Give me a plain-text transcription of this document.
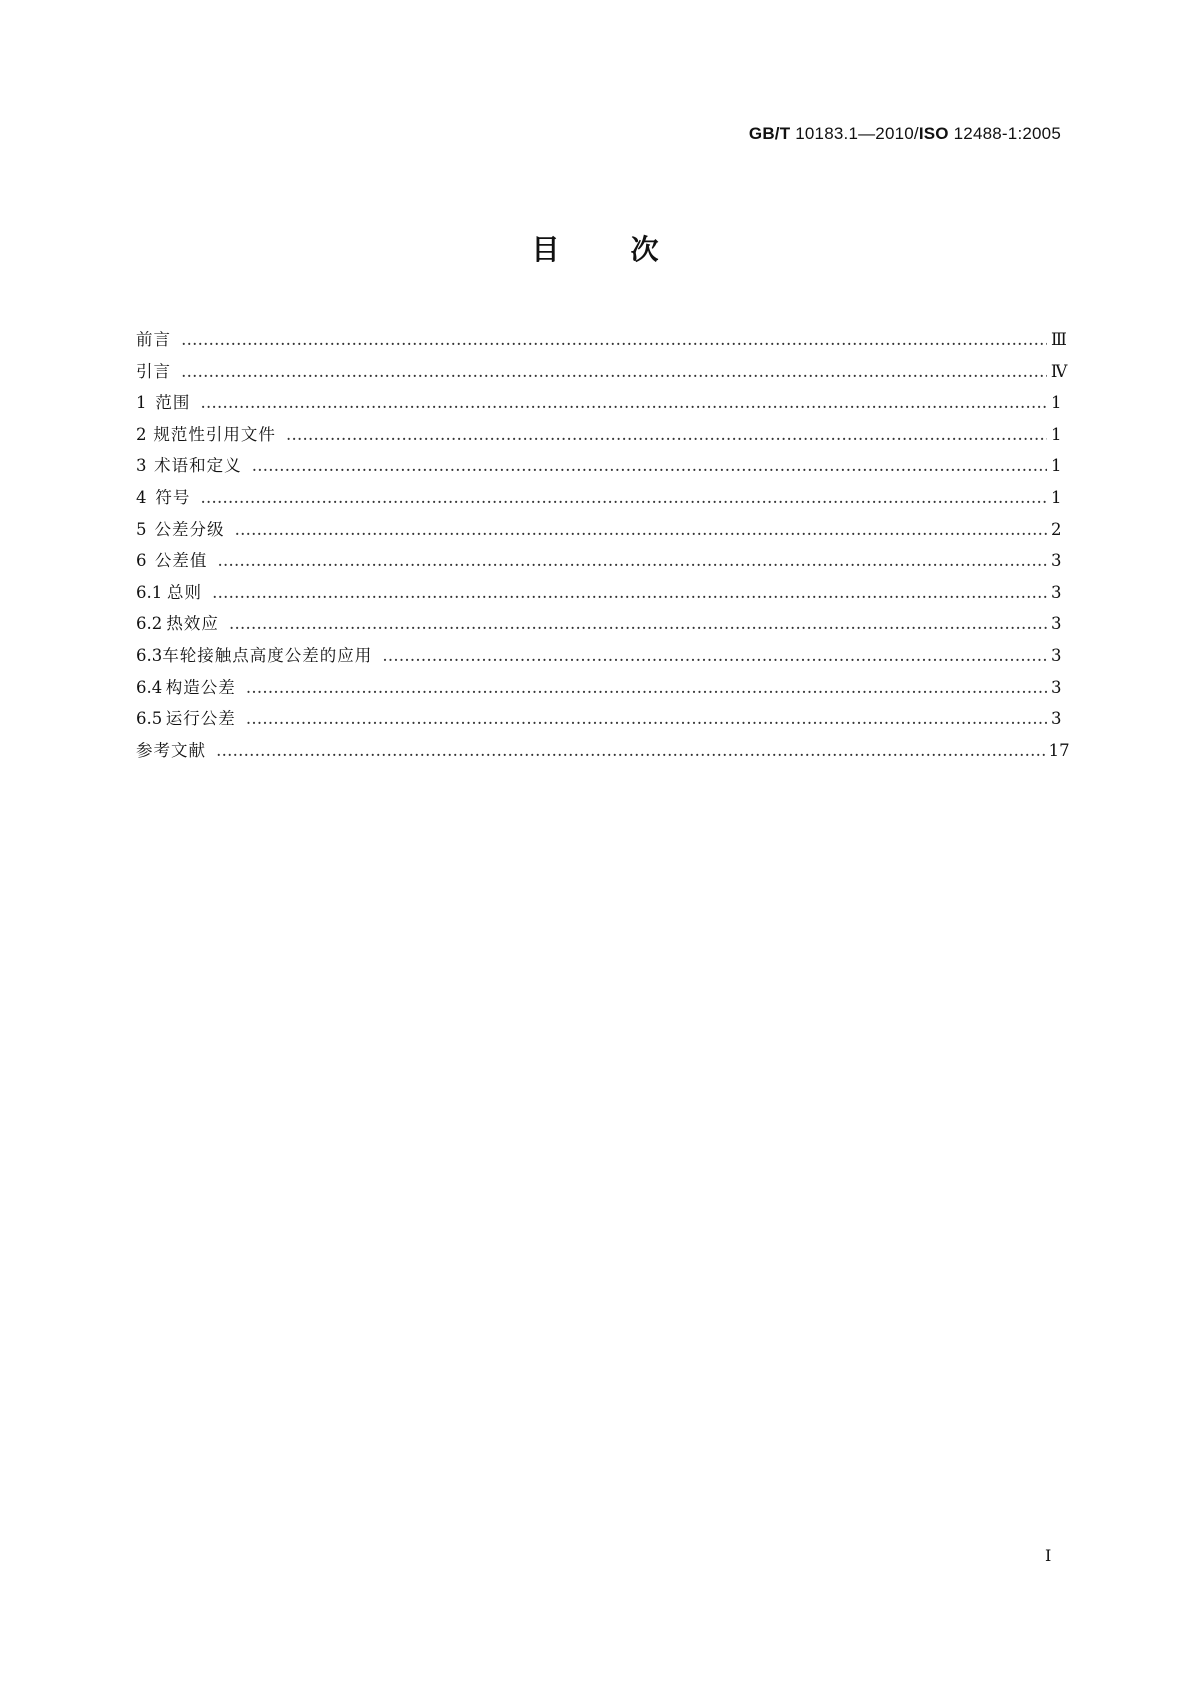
GB/T 10183.1—2010/ISO 12488-1:2005
目	次
前言 …………………………………………………………………………………………………………………………………………………………………………………………………………………………………	Ⅲ
引言 …………………………………………………………………………………………………………………………………………………………………………………………………………………………………	Ⅳ
1 范围 …………………………………………………………………………………………………………………………………………………………………………………………………………………………………	1
2 规范性引用文件 …………………………………………………………………………………………………………………………………………………………………………………………………………………………………	1
3 术语和定义 …………………………………………………………………………………………………………………………………………………………………………………………………………………………………	1
4 符号 …………………………………………………………………………………………………………………………………………………………………………………………………………………………………	1
5 公差分级 …………………………………………………………………………………………………………………………………………………………………………………………………………………………………	2
6 公差值 …………………………………………………………………………………………………………………………………………………………………………………………………………………………………	3
6.1 总则 …………………………………………………………………………………………………………………………………………………………………………………………………………………………………	3
6.2 热效应 …………………………………………………………………………………………………………………………………………………………………………………………………………………………………	3
6.3 车轮接触点高度公差的应用 …………………………………………………………………………………………………………………………………………………………………………………………………………………………………	3
6.4 构造公差 …………………………………………………………………………………………………………………………………………………………………………………………………………………………………	3
6.5 运行公差 …………………………………………………………………………………………………………………………………………………………………………………………………………………………………	3
参考文献 …………………………………………………………………………………………………………………………………………………………………………………………………………………………………	17
I
